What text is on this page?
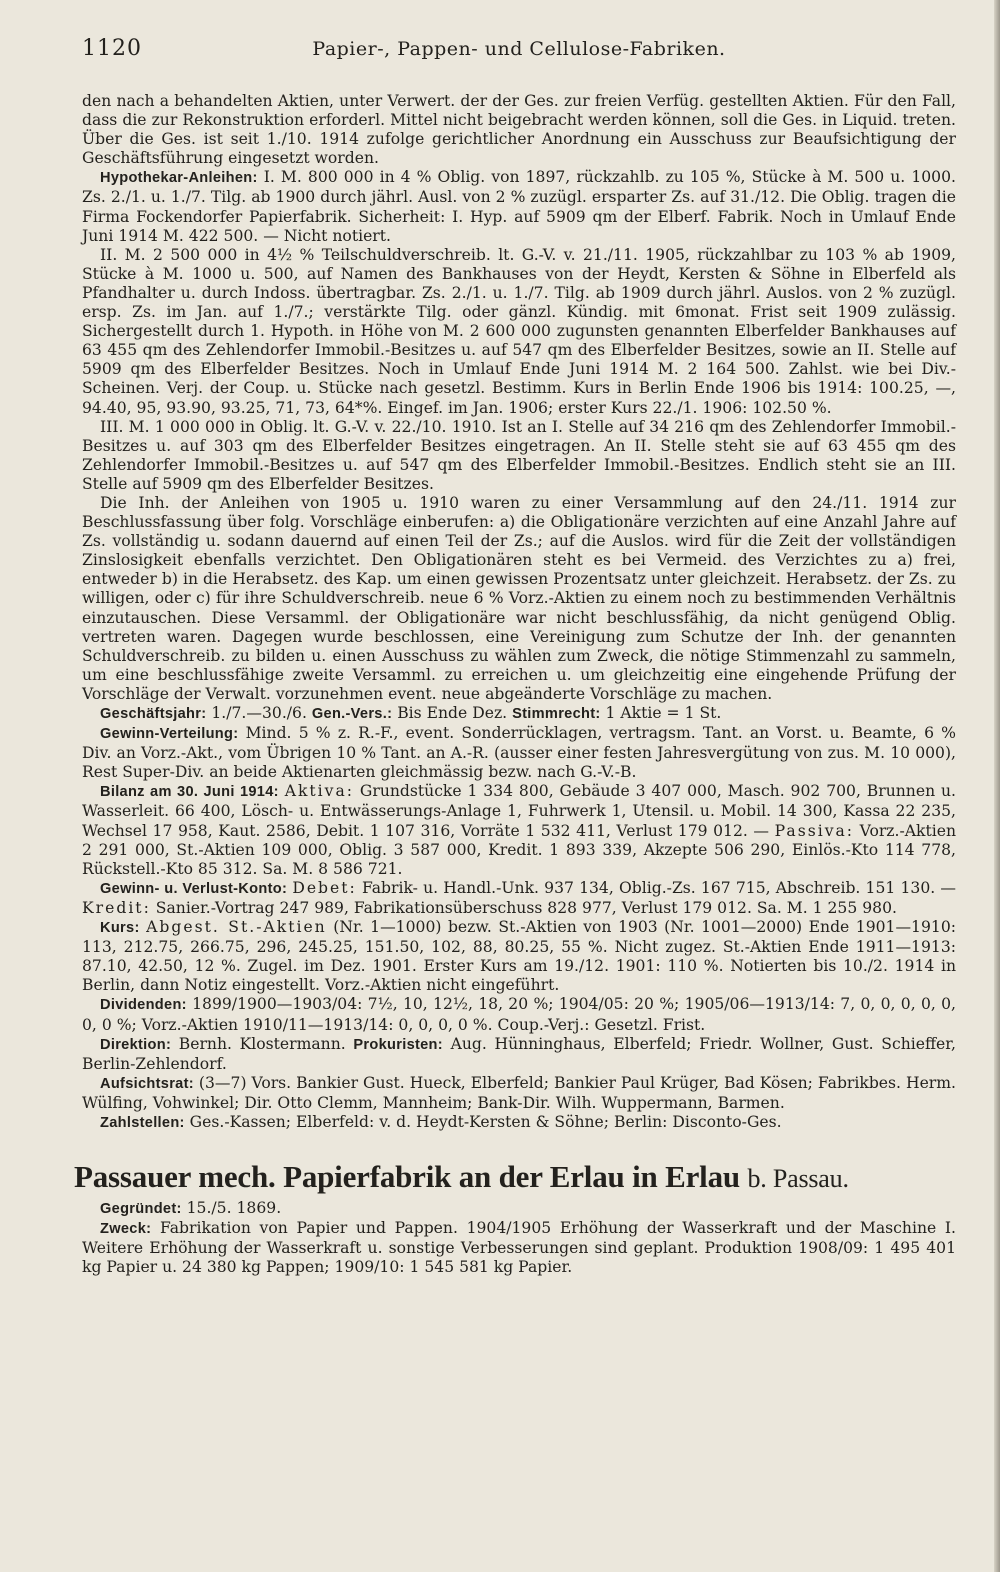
1120	Papier-, Pappen- und Cellulose-Fabriken.

den nach a behandelten Aktien, unter Verwert. der der Ges. zur freien Verfüg. gestellten Aktien. Für den Fall, dass die zur Rekonstruktion erforderl. Mittel nicht beigebracht werden können, soll die Ges. in Liquid. treten. Über die Ges. ist seit 1./10. 1914 zufolge gerichtlicher Anordnung ein Ausschuss zur Beaufsichtigung der Geschäftsführung eingesetzt worden.

Hypothekar-Anleihen: I. M. 800 000 in 4 % Oblig. von 1897, rückzahlb. zu 105 %, Stücke à M. 500 u. 1000. Zs. 2./1. u. 1./7. Tilg. ab 1900 durch jährl. Ausl. von 2 % zuzügl. ersparter Zs. auf 31./12. Die Oblig. tragen die Firma Fockendorfer Papierfabrik. Sicherheit: I. Hyp. auf 5909 qm der Elberf. Fabrik. Noch in Umlauf Ende Juni 1914 M. 422 500. — Nicht notiert.

II. M. 2 500 000 in 4½ % Teilschuldverschreib. lt. G.-V. v. 21./11. 1905, rückzahlbar zu 103 % ab 1909, Stücke à M. 1000 u. 500, auf Namen des Bankhauses von der Heydt, Kersten & Söhne in Elberfeld als Pfandhalter u. durch Indoss. übertragbar. Zs. 2./1. u. 1./7. Tilg. ab 1909 durch jährl. Auslos. von 2 % zuzügl. ersp. Zs. im Jan. auf 1./7.; verstärkte Tilg. oder gänzl. Kündig. mit 6monat. Frist seit 1909 zulässig. Sichergestellt durch 1. Hypoth. in Höhe von M. 2 600 000 zugunsten genannten Elberfelder Bankhauses auf 63 455 qm des Zehlendorfer Immobil.-Besitzes u. auf 547 qm des Elberfelder Besitzes, sowie an II. Stelle auf 5909 qm des Elberfelder Besitzes. Noch in Umlauf Ende Juni 1914 M. 2 164 500. Zahlst. wie bei Div.-Scheinen. Verj. der Coup. u. Stücke nach gesetzl. Bestimm. Kurs in Berlin Ende 1906 bis 1914: 100.25, —, 94.40, 95, 93.90, 93.25, 71, 73, 64*%. Eingef. im Jan. 1906; erster Kurs 22./1. 1906: 102.50 %.

III. M. 1 000 000 in Oblig. lt. G.-V. v. 22./10. 1910. Ist an I. Stelle auf 34 216 qm des Zehlendorfer Immobil.-Besitzes u. auf 303 qm des Elberfelder Besitzes eingetragen. An II. Stelle steht sie auf 63 455 qm des Zehlendorfer Immobil.-Besitzes u. auf 547 qm des Elberfelder Immobil.-Besitzes. Endlich steht sie an III. Stelle auf 5909 qm des Elberfelder Besitzes.

Die Inh. der Anleihen von 1905 u. 1910 waren zu einer Versammlung auf den 24./11. 1914 zur Beschlussfassung über folg. Vorschläge einberufen: a) die Obligationäre verzichten auf eine Anzahl Jahre auf Zs. vollständig u. sodann dauernd auf einen Teil der Zs.; auf die Auslos. wird für die Zeit der vollständigen Zinslosigkeit ebenfalls verzichtet. Den Obligationären steht es bei Vermeid. des Verzichtes zu a) frei, entweder b) in die Herabsetz. des Kap. um einen gewissen Prozentsatz unter gleichzeit. Herabsetz. der Zs. zu willigen, oder c) für ihre Schuldverschreib. neue 6 % Vorz.-Aktien zu einem noch zu bestimmenden Verhältnis einzutauschen. Diese Versamml. der Obligationäre war nicht beschlussfähig, da nicht genügend Oblig. vertreten waren. Dagegen wurde beschlossen, eine Vereinigung zum Schutze der Inh. der genannten Schuldverschreib. zu bilden u. einen Ausschuss zu wählen zum Zweck, die nötige Stimmenzahl zu sammeln, um eine beschlussfähige zweite Versamml. zu erreichen u. um gleichzeitig eine eingehende Prüfung der Vorschläge der Verwalt. vorzunehmen event. neue abgeänderte Vorschläge zu machen.

Geschäftsjahr: 1./7.—30./6. Gen.-Vers.: Bis Ende Dez. Stimmrecht: 1 Aktie = 1 St.

Gewinn-Verteilung: Mind. 5 % z. R.-F., event. Sonderrücklagen, vertragsm. Tant. an Vorst. u. Beamte, 6 % Div. an Vorz.-Akt., vom Übrigen 10 % Tant. an A.-R. (ausser einer festen Jahresvergütung von zus. M. 10 000), Rest Super-Div. an beide Aktienarten gleichmässig bezw. nach G.-V.-B.

Bilanz am 30. Juni 1914: Aktiva: Grundstücke 1 334 800, Gebäude 3 407 000, Masch. 902 700, Brunnen u. Wasserleit. 66 400, Lösch- u. Entwässerungs-Anlage 1, Fuhrwerk 1, Utensil. u. Mobil. 14 300, Kassa 22 235, Wechsel 17 958, Kaut. 2586, Debit. 1 107 316, Vorräte 1 532 411, Verlust 179 012. — Passiva: Vorz.-Aktien 2 291 000, St.-Aktien 109 000, Oblig. 3 587 000, Kredit. 1 893 339, Akzepte 506 290, Einlös.-Kto 114 778, Rückstell.-Kto 85 312. Sa. M. 8 586 721.

Gewinn- u. Verlust-Konto: Debet: Fabrik- u. Handl.-Unk. 937 134, Oblig.-Zs. 167 715, Abschreib. 151 130. — Kredit: Sanier.-Vortrag 247 989, Fabrikationsüberschuss 828 977, Verlust 179 012. Sa. M. 1 255 980.

Kurs: Abgest. St.-Aktien (Nr. 1—1000) bezw. St.-Aktien von 1903 (Nr. 1001—2000) Ende 1901—1910: 113, 212.75, 266.75, 296, 245.25, 151.50, 102, 88, 80.25, 55 %. Nicht zugez. St.-Aktien Ende 1911—1913: 87.10, 42.50, 12 %. Zugel. im Dez. 1901. Erster Kurs am 19./12. 1901: 110 %. Notierten bis 10./2. 1914 in Berlin, dann Notiz eingestellt. Vorz.-Aktien nicht eingeführt.

Dividenden: 1899/1900—1903/04: 7½, 10, 12½, 18, 20 %; 1904/05: 20 %; 1905/06—1913/14: 7, 0, 0, 0, 0, 0, 0, 0 %; Vorz.-Aktien 1910/11—1913/14: 0, 0, 0, 0 %. Coup.-Verj.: Gesetzl. Frist.

Direktion: Bernh. Klostermann. Prokuristen: Aug. Hünninghaus, Elberfeld; Friedr. Wollner, Gust. Schieffer, Berlin-Zehlendorf.

Aufsichtsrat: (3—7) Vors. Bankier Gust. Hueck, Elberfeld; Bankier Paul Krüger, Bad Kösen; Fabrikbes. Herm. Wülfing, Vohwinkel; Dir. Otto Clemm, Mannheim; Bank-Dir. Wilh. Wuppermann, Barmen.

Zahlstellen: Ges.-Kassen; Elberfeld: v. d. Heydt-Kersten & Söhne; Berlin: Disconto-Ges.

Passauer mech. Papierfabrik an der Erlau in Erlau b. Passau.

Gegründet: 15./5. 1869.

Zweck: Fabrikation von Papier und Pappen. 1904/1905 Erhöhung der Wasserkraft und der Maschine I. Weitere Erhöhung der Wasserkraft u. sonstige Verbesserungen sind geplant. Produktion 1908/09: 1 495 401 kg Papier u. 24 380 kg Pappen; 1909/10: 1 545 581 kg Papier.
